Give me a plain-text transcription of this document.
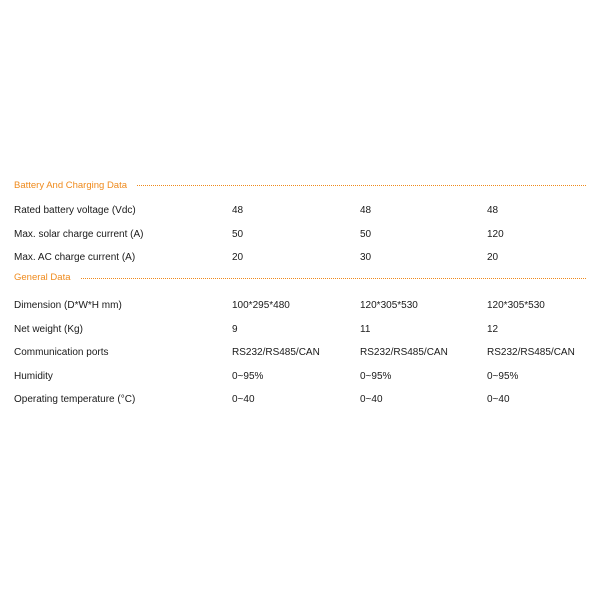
Battery And Charging Data
Rated battery voltage (Vdc)	48	48	48
Max. solar charge current (A)	50	50	120
Max. AC charge current (A)	20	30	20
General Data
Dimension (D*W*H mm)	100*295*480	120*305*530	120*305*530
Net weight (Kg)	9	11	12
Communication ports	RS232/RS485/CAN	RS232/RS485/CAN	RS232/RS485/CAN
Humidity	0~95%	0~95%	0~95%
Operating temperature (°C)	0~40	0~40	0~40
